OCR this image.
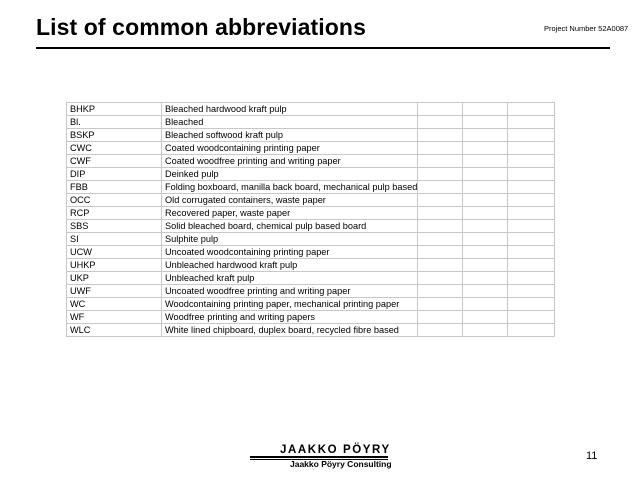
List of common abbreviations	Project Number 52A0087
BHKP	Bleached hardwood kraft pulp			
Bl.	Bleached			
BSKP	Bleached softwood kraft pulp			
CWC	Coated woodcontaining printing paper			
CWF	Coated woodfree printing and writing paper			
DIP	Deinked pulp			
FBB	Folding boxboard, manilla back board, mechanical pulp based			
OCC	Old corrugated containers, waste paper			
RCP	Recovered paper, waste paper			
SBS	Solid bleached board, chemical pulp based board			
SI	Sulphite pulp			
UCW	Uncoated woodcontaining printing paper			
UHKP	Unbleached hardwood kraft pulp			
UKP	Unbleached kraft pulp			
UWF	Uncoated woodfree printing and writing paper			
WC	Woodcontaining printing paper, mechanical printing paper			
WF	Woodfree printing and writing papers			
WLC	White lined chipboard, duplex board, recycled fibre based			
JAAKKO PÖYRY
Jaakko Pöyry Consulting
11
